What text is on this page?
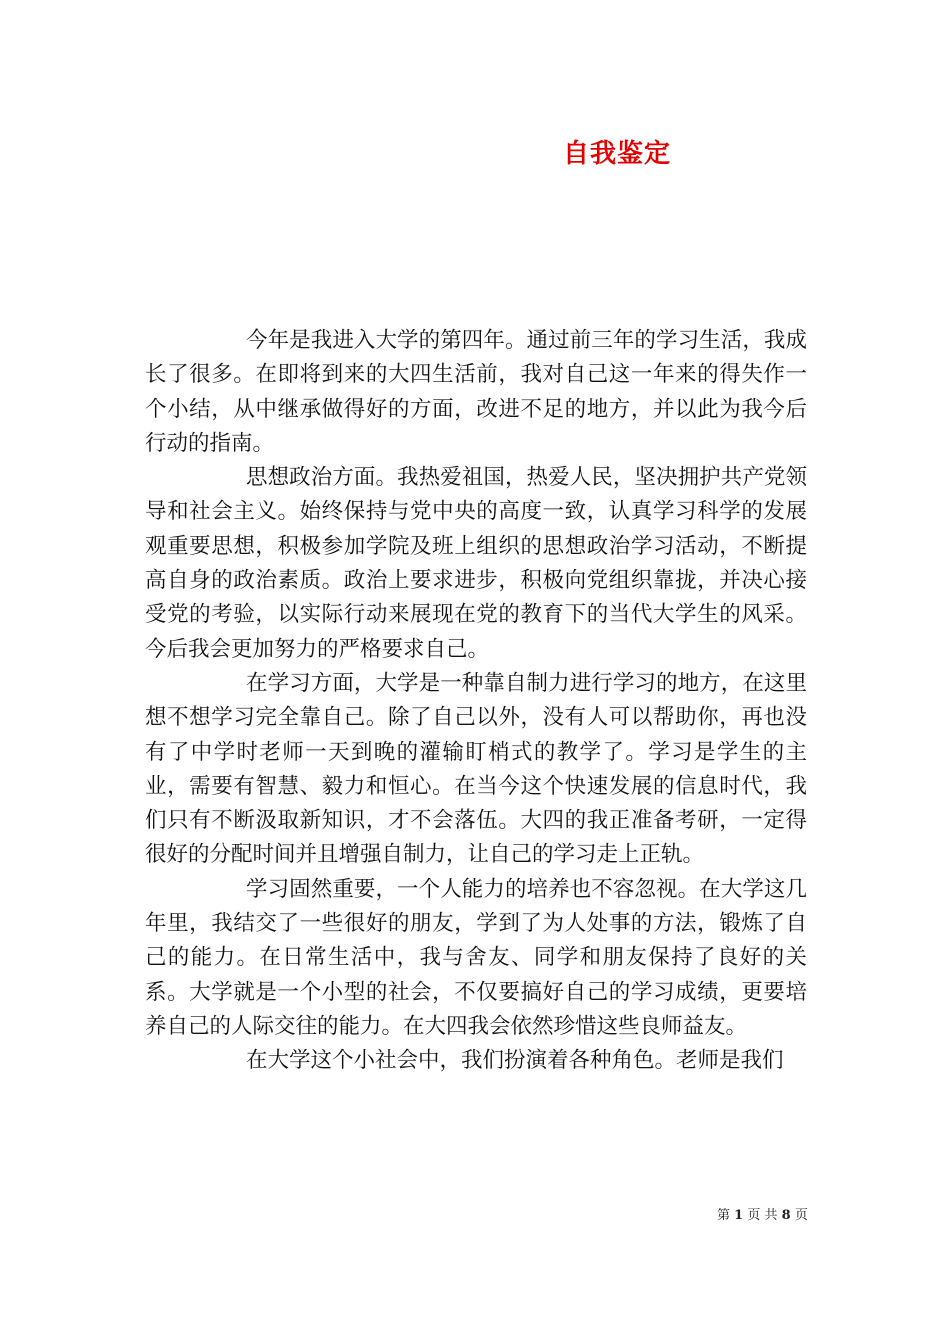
自我鉴定

今年是我进入大学的第四年。通过前三年的学习生活，我成长了很多。在即将到来的大四生活前，我对自己这一年来的得失作一个小结，从中继承做得好的方面，改进不足的地方，并以此为我今后行动的指南。

思想政治方面。我热爱祖国，热爱人民，坚决拥护共产党领导和社会主义。始终保持与党中央的高度一致，认真学习科学的发展观重要思想，积极参加学院及班上组织的思想政治学习活动，不断提高自身的政治素质。政治上要求进步，积极向党组织靠拢，并决心接受党的考验，以实际行动来展现在党的教育下的当代大学生的风采。今后我会更加努力的严格要求自己。

在学习方面，大学是一种靠自制力进行学习的地方，在这里想不想学习完全靠自己。除了自己以外，没有人可以帮助你，再也没有了中学时老师一天到晚的灌输盯梢式的教学了。学习是学生的主业，需要有智慧、毅力和恒心。在当今这个快速发展的信息时代，我们只有不断汲取新知识，才不会落伍。大四的我正准备考研，一定得很好的分配时间并且增强自制力，让自己的学习走上正轨。

学习固然重要，一个人能力的培养也不容忽视。在大学这几年里，我结交了一些很好的朋友，学到了为人处事的方法，锻炼了自己的能力。在日常生活中，我与舍友、同学和朋友保持了良好的关系。大学就是一个小型的社会，不仅要搞好自己的学习成绩，更要培养自己的人际交往的能力。在大四我会依然珍惜这些良师益友。

在大学这个小社会中，我们扮演着各种角色。老师是我们

第 1 页 共 8 页
